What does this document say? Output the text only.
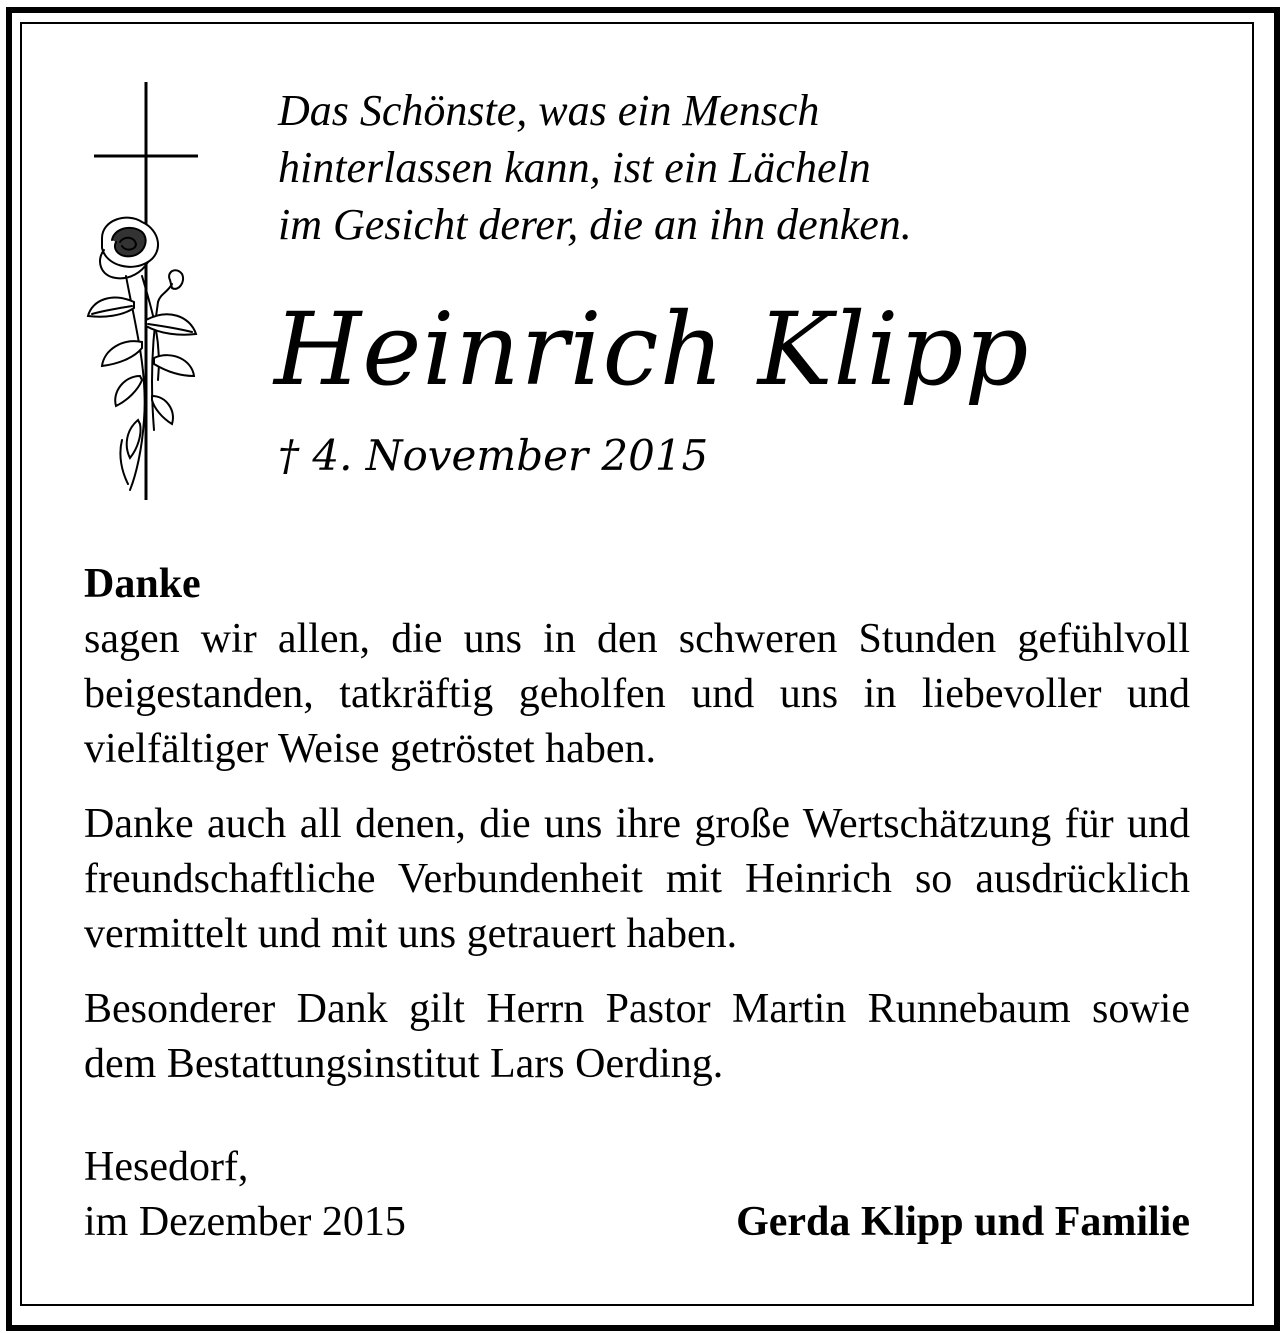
Das Schönste, was ein Mensch
hinterlassen kann, ist ein Lächeln
im Gesicht derer, die an ihn denken.
Heinrich Klipp
† 4. November 2015
Danke

sagen wir allen, die uns in den schweren Stunden gefühlvoll beigestanden, tatkräftig geholfen und uns in liebevoller und vielfältiger Weise getröstet haben.

Danke auch all denen, die uns ihre große Wertschätzung für und freundschaftliche Verbundenheit mit Heinrich so ausdrücklich vermittelt und mit uns getrauert haben.

Besonderer Dank gilt Herrn Pastor Martin Runnebaum sowie dem Bestattungsinstitut Lars Oerding.

Hesedorf,
im Dezember 2015	Gerda Klipp und Familie
